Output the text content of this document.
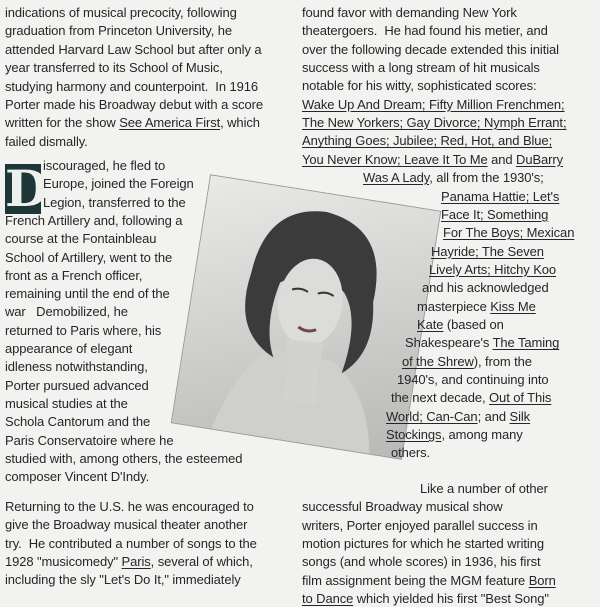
D
indications of musical precocity, following
graduation from Princeton University, he
attended Harvard Law School but after only a
year transferred to its School of Music,
studying harmony and counterpoint.  In 1916
Porter made his Broadway debut with a score
written for the show See America First, which
failed dismally.
iscouraged, he fled to
Europe, joined the Foreign
Legion, transferred to the
French Artillery and, following a
course at the Fontainbleau
School of Artillery, went to the
front as a French officer,
remaining until the end of the
war   Demobilized, he
returned to Paris where, his
appearance of elegant
idleness notwithstanding,
Porter pursued advanced
musical studies at the
Schola Cantorum and the
Paris Conservatoire where he
studied with, among others, the esteemed
composer Vincent D'Indy.
Returning to the U.S. he was encouraged to
give the Broadway musical theater another
try.  He contributed a number of songs to the
1928 "musicomedy" Paris, several of which,
including the sly "Let's Do It," immediately
found favor with demanding New York
theatergoers.  He had found his metier, and
over the following decade extended this initial
success with a long stream of hit musicals
notable for his witty, sophisticated scores:
Wake Up And Dream; Fifty Million Frenchmen;
The New Yorkers; Gay Divorce; Nymph Errant;
Anything Goes; Jubilee; Red, Hot, and Blue;
You Never Know; Leave It To Me and DuBarry
Was A Lady, all from the 1930's;
Panama Hattie; Let's
Face It; Something
For The Boys; Mexican
Hayride; The Seven
Lively Arts; Hitchy Koo
and his acknowledged
masterpiece Kiss Me
Kate (based on
Shakespeare's The Taming
of the Shrew), from the
1940's, and continuing into
the next decade, Out of This
World; Can-Can; and Silk
Stockings, among many
others.
Like a number of other
successful Broadway musical show
writers, Porter enjoyed parallel success in
motion pictures for which he started writing
songs (and whole scores) in 1936, his first
film assignment being the MGM feature Born
to Dance which yielded his first "Best Song"
